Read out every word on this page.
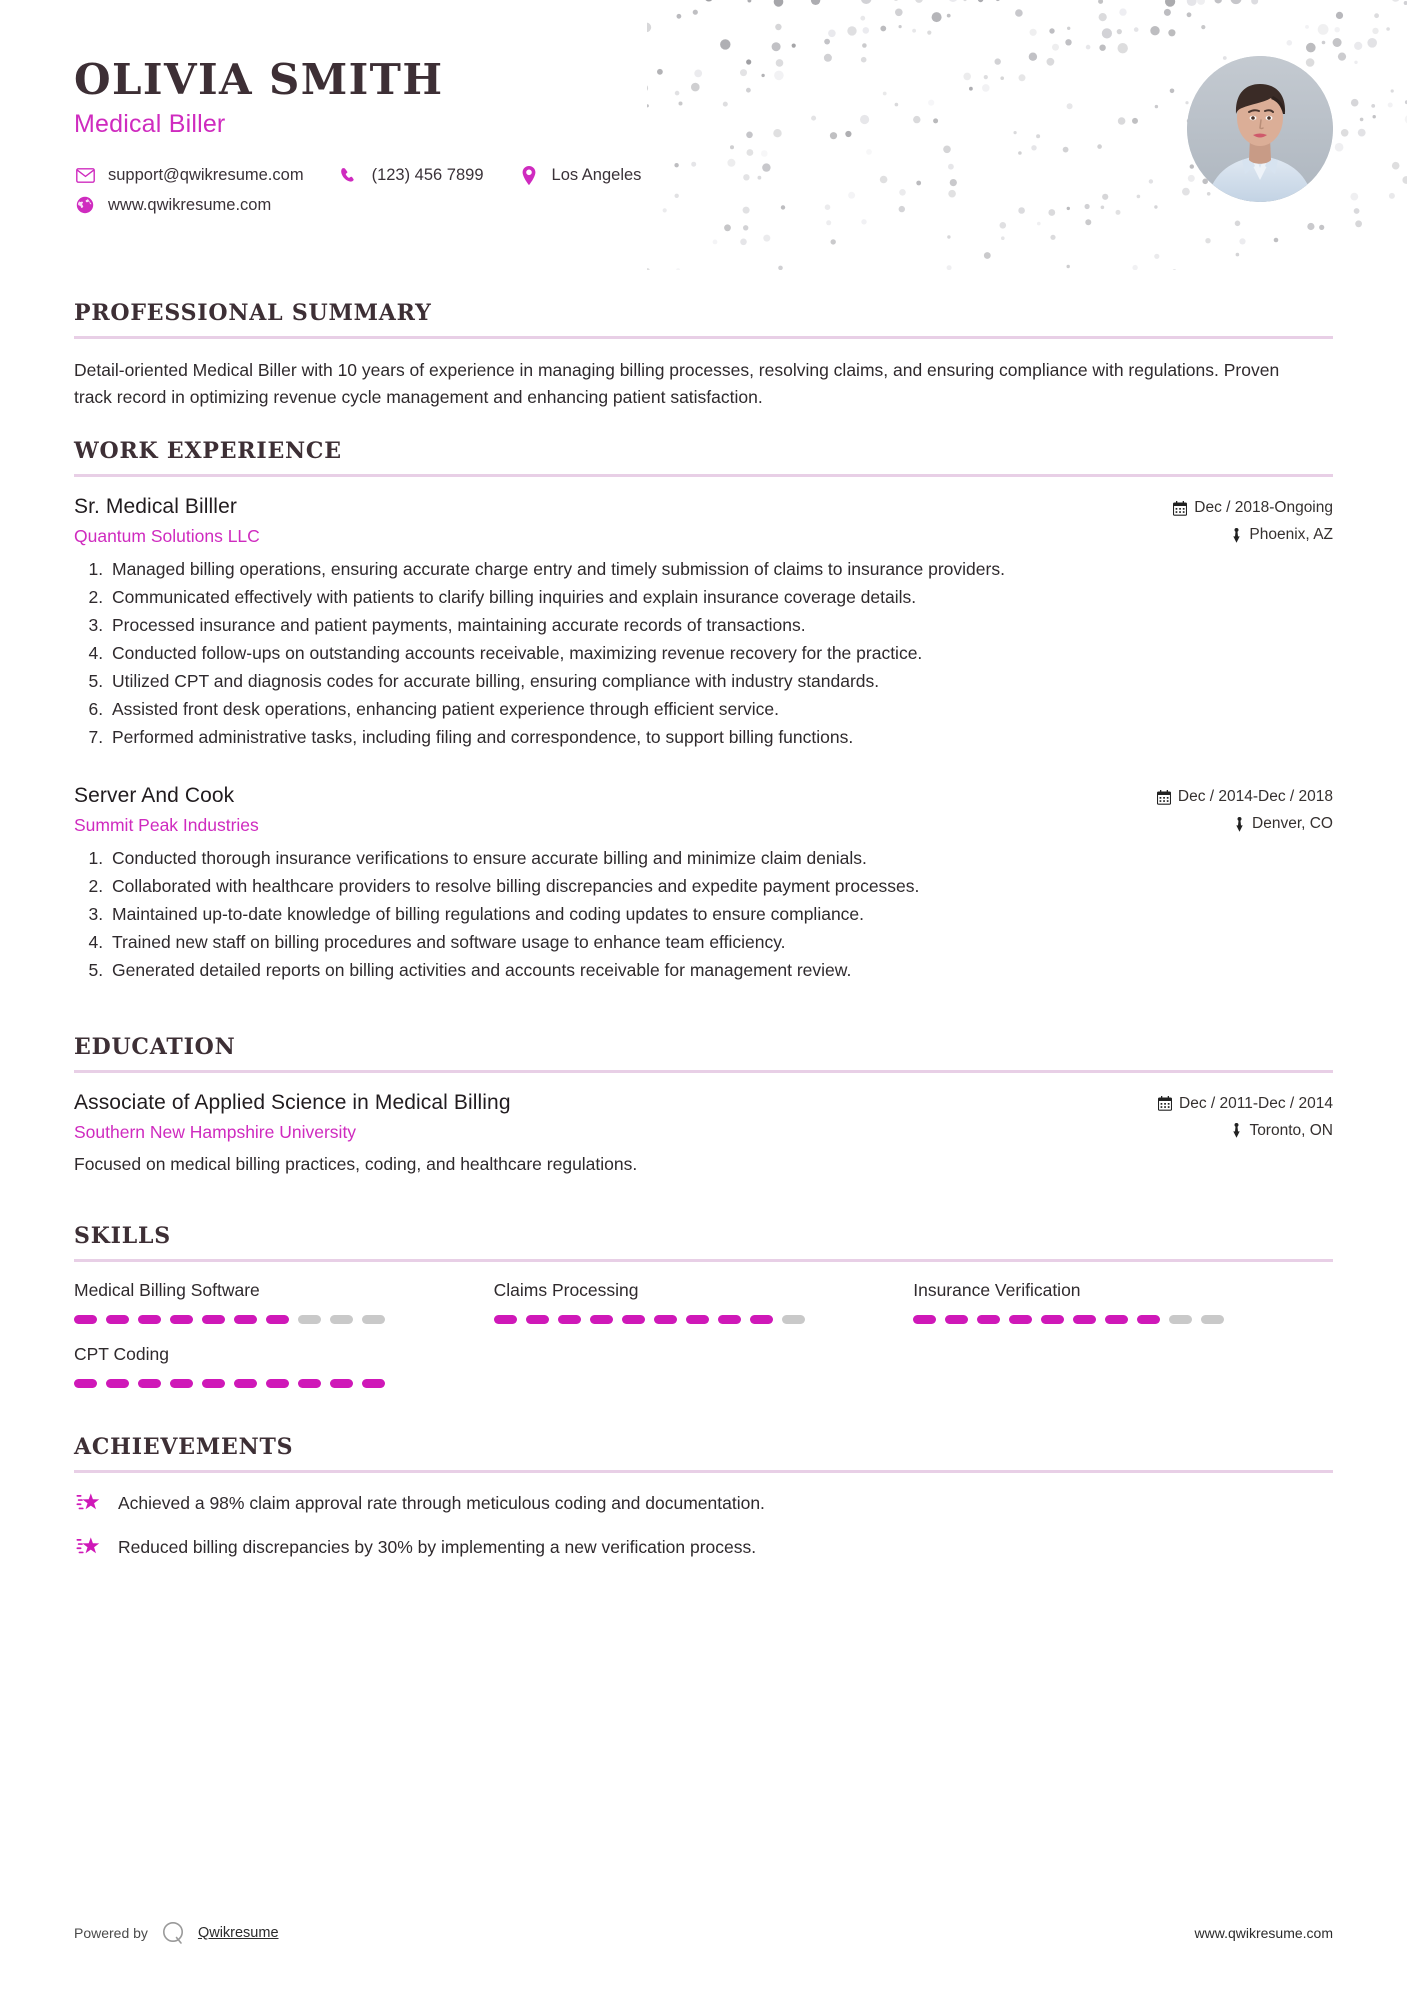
OLIVIA SMITH
Medical Biller
support@qwikresume.com	(123) 456 7899	Los Angeles
www.qwikresume.com
PROFESSIONAL SUMMARY

Detail-oriented Medical Biller with 10 years of experience in managing billing processes, resolving claims, and ensuring compliance with regulations. Proven track record in optimizing revenue cycle management and enhancing patient satisfaction.

WORK EXPERIENCE
Sr. Medical Billler
Quantum Solutions LLC
Dec / 2018-Ongoing
Phoenix, AZ
1. Managed billing operations, ensuring accurate charge entry and timely submission of claims to insurance providers.
2. Communicated effectively with patients to clarify billing inquiries and explain insurance coverage details.
3. Processed insurance and patient payments, maintaining accurate records of transactions.
4. Conducted follow-ups on outstanding accounts receivable, maximizing revenue recovery for the practice.
5. Utilized CPT and diagnosis codes for accurate billing, ensuring compliance with industry standards.
6. Assisted front desk operations, enhancing patient experience through efficient service.
7. Performed administrative tasks, including filing and correspondence, to support billing functions.
Server And Cook
Summit Peak Industries
Dec / 2014-Dec / 2018
Denver, CO
1. Conducted thorough insurance verifications to ensure accurate billing and minimize claim denials.
2. Collaborated with healthcare providers to resolve billing discrepancies and expedite payment processes.
3. Maintained up-to-date knowledge of billing regulations and coding updates to ensure compliance.
4. Trained new staff on billing procedures and software usage to enhance team efficiency.
5. Generated detailed reports on billing activities and accounts receivable for management review.
EDUCATION
Associate of Applied Science in Medical Billing
Southern New Hampshire University
Dec / 2011-Dec / 2014
Toronto, ON

Focused on medical billing practices, coding, and healthcare regulations.

SKILLS
Medical Billing Software	Claims Processing	Insurance Verification
CPT Coding
ACHIEVEMENTS
Achieved a 98% claim approval rate through meticulous coding and documentation.
Reduced billing discrepancies by 30% by implementing a new verification process.
Powered by	Qwikresume	www.qwikresume.com
